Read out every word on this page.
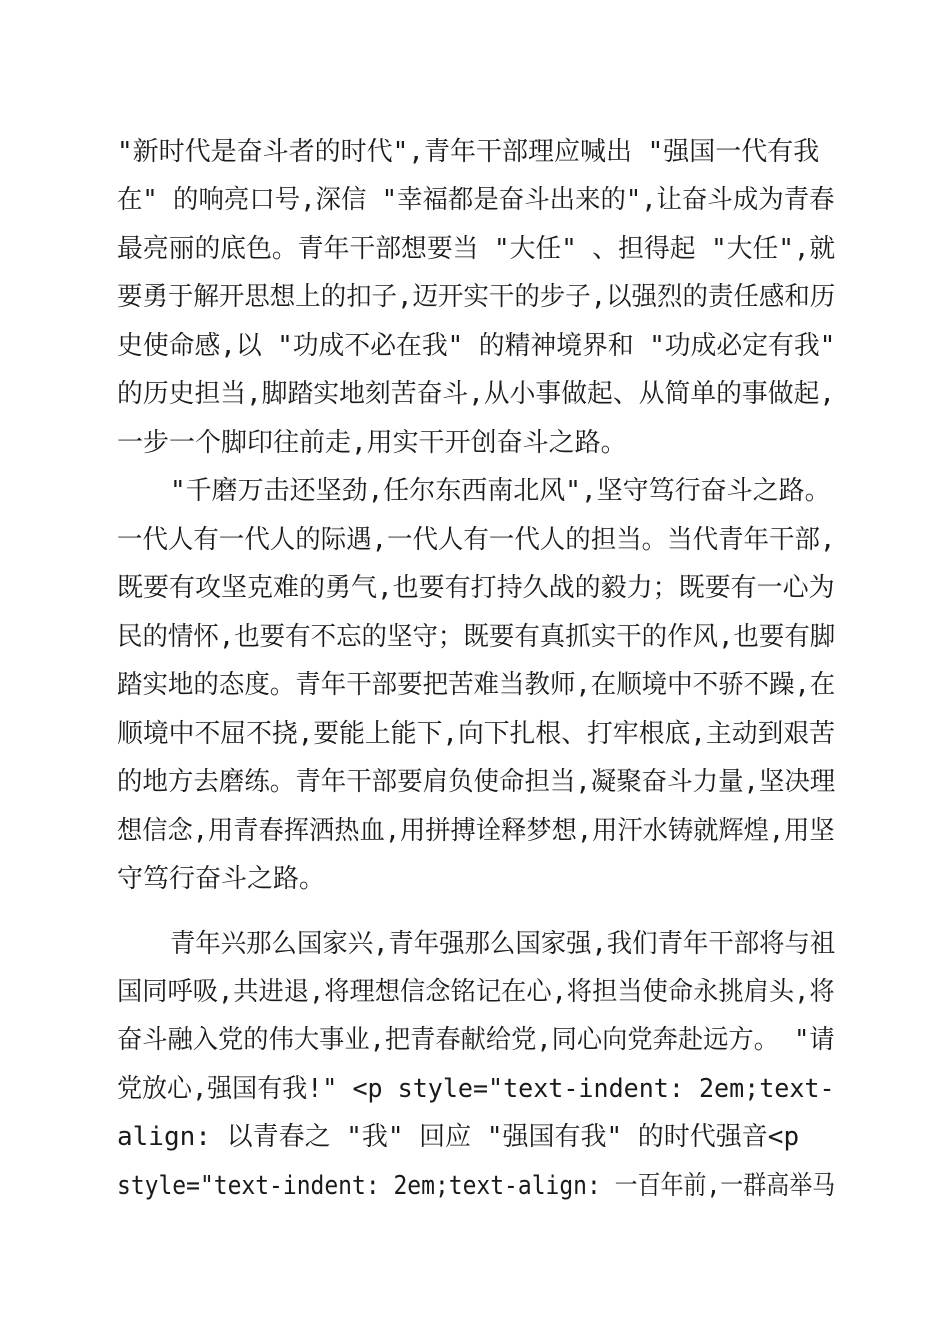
"新时代是奋斗者的时代",青年干部理应喊出 "强国一代有我
在" 的响亮口号,深信 "幸福都是奋斗出来的",让奋斗成为青春
最亮丽的底色。青年干部想要当 "大任" 、担得起 "大任",就
要勇于解开思想上的扣子,迈开实干的步子,以强烈的责任感和历
史使命感,以 "功成不必在我" 的精神境界和 "功成必定有我"
的历史担当,脚踏实地刻苦奋斗,从小事做起、从简单的事做起,
一步一个脚印往前走,用实干开创奋斗之路。
"千磨万击还坚劲,任尔东西南北风",坚守笃行奋斗之路。
一代人有一代人的际遇,一代人有一代人的担当。当代青年干部,
既要有攻坚克难的勇气,也要有打持久战的毅力；既要有一心为
民的情怀,也要有不忘的坚守；既要有真抓实干的作风,也要有脚
踏实地的态度。青年干部要把苦难当教师,在顺境中不骄不躁,在
顺境中不屈不挠,要能上能下,向下扎根、打牢根底,主动到艰苦
的地方去磨练。青年干部要肩负使命担当,凝聚奋斗力量,坚决理
想信念,用青春挥洒热血,用拼搏诠释梦想,用汗水铸就辉煌,用坚
守笃行奋斗之路。
青年兴那么国家兴,青年强那么国家强,我们青年干部将与祖
国同呼吸,共进退,将理想信念铭记在心,将担当使命永挑肩头,将
奋斗融入党的伟大事业,把青春献给党,同心向党奔赴远方。 "请
党放心,强国有我!" <p style="text-indent: 2em;text-
align: 以青春之 "我" 回应 "强国有我" 的时代强音<p
style="text-indent: 2em;text-align: 一百年前,一群高举马
